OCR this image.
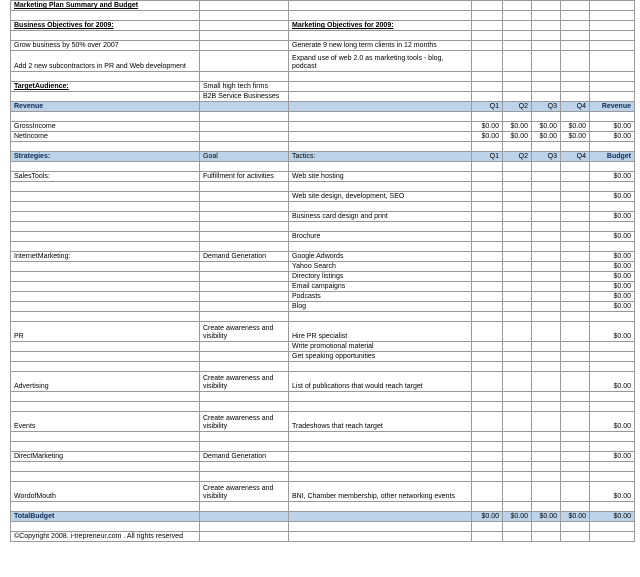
Marketing Plan Summary and Budget							

Business Objectives for 2009:		Marketing Objectives for 2009:					

Grow business by 50% over 2007		Generate 9 new long term clients in 12 months					
Add 2 new subcontractors in PR and Web development		Expand use of web 2.0 as marketing tools - blog, podcast					

TargetAudience:	Small high tech firms						
	B2B Service Businesses						
Revenue			Q1	Q2	Q3	Q4	Revenue

GrossIncome			$0.00	$0.00	$0.00	$0.00	$0.00
NetIncome			$0.00	$0.00	$0.00	$0.00	$0.00

Strategies:	Goal	Tactics:	Q1	Q2	Q3	Q4	Budget

SalesTools:	Fulfillment for activities	Web site hosting					$0.00

		Web site design, development, SEO					$0.00

		Business card design and print					$0.00

		Brochure					$0.00

InternetMarketing:	Demand Generation	Google Adwords					$0.00
		Yahoo Search					$0.00
		Directory listings					$0.00
		Email campaigns					$0.00
		Podcasts					$0.00
		Blog					$0.00

PR	Create awareness and visibility	Hire PR specialist					$0.00
		Write promotional material					
		Get speaking opportunities					

Advertising	Create awareness and visibility	List of publications that would reach target					$0.00

Events	Create awareness and visibility	Tradeshows that reach target					$0.00

DirectMarketing	Demand Generation						$0.00

WordofMouth	Create awareness and visibility	BNI, Chamber membership, other networking events					$0.00

TotalBudget			$0.00	$0.00	$0.00	$0.00	$0.00

©Copyright 2008. i-trepreneur.com . All rights reserved							
